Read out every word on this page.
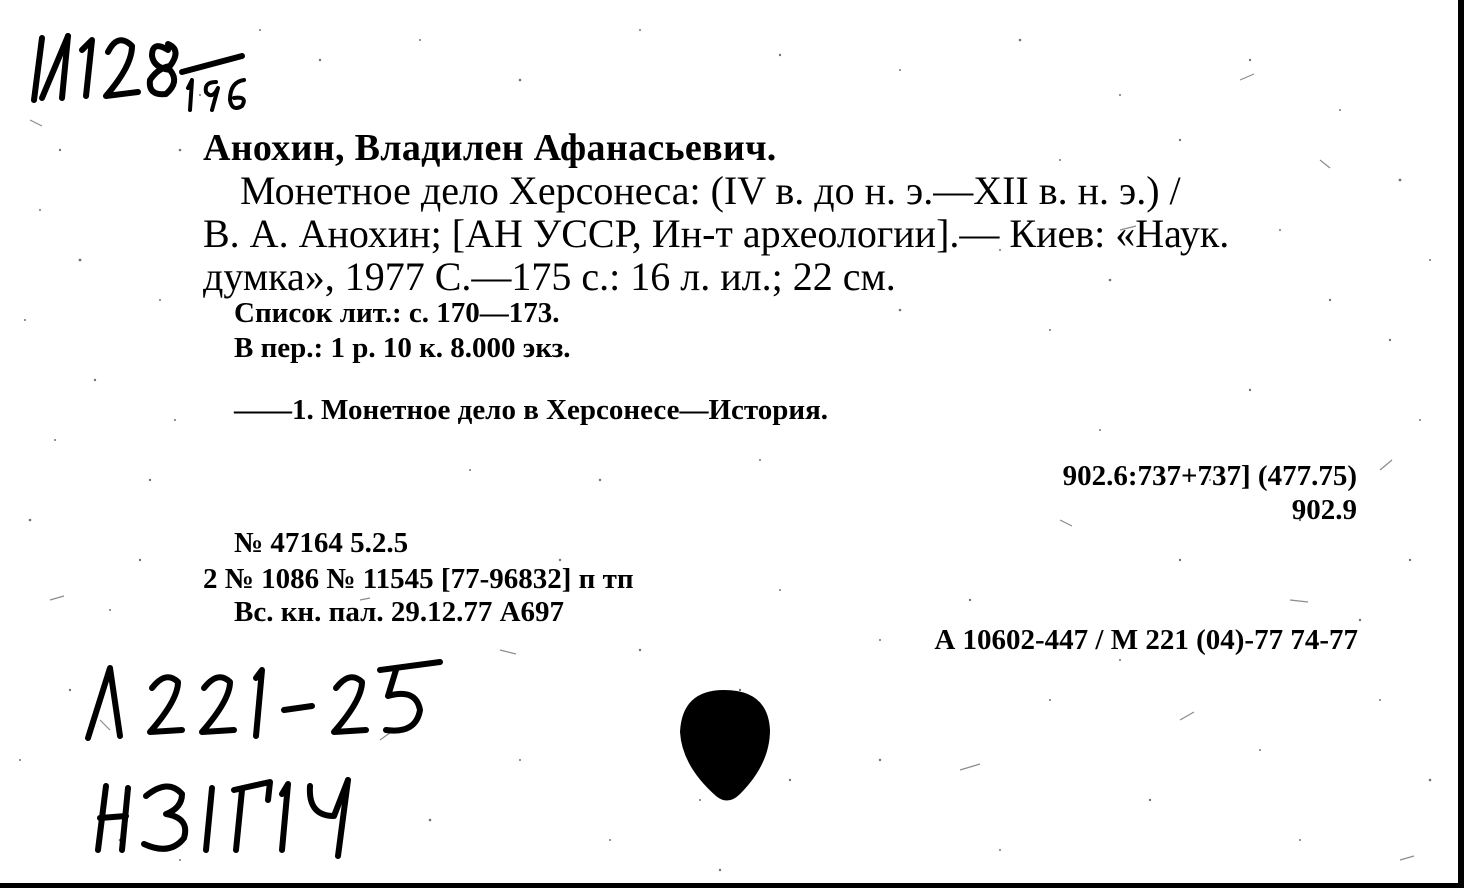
Анохин, Владилен Афанасьевич.
Монетное дело Херсонеса: (IV в. до н. э.—XII в. н. э.) /
В. А. Анохин; [АН УССР, Ин-т археологии].— Киев: «Наук.
думка», 1977 С.—175 с.: 16 л. ил.; 22 см.
Список лит.: с. 170—173.
В пер.: 1 р. 10 к. 8.000 экз.
——1. Монетное дело в Херсонесе—История.
902.6:737+737] (477.75)
902.9
№ 47164 5.2.5
2 № 1086 № 11545 [77-96832] п тп
Вс. кн. пал. 29.12.77 А697
А 10602-447 / М 221 (04)-77 74-77
